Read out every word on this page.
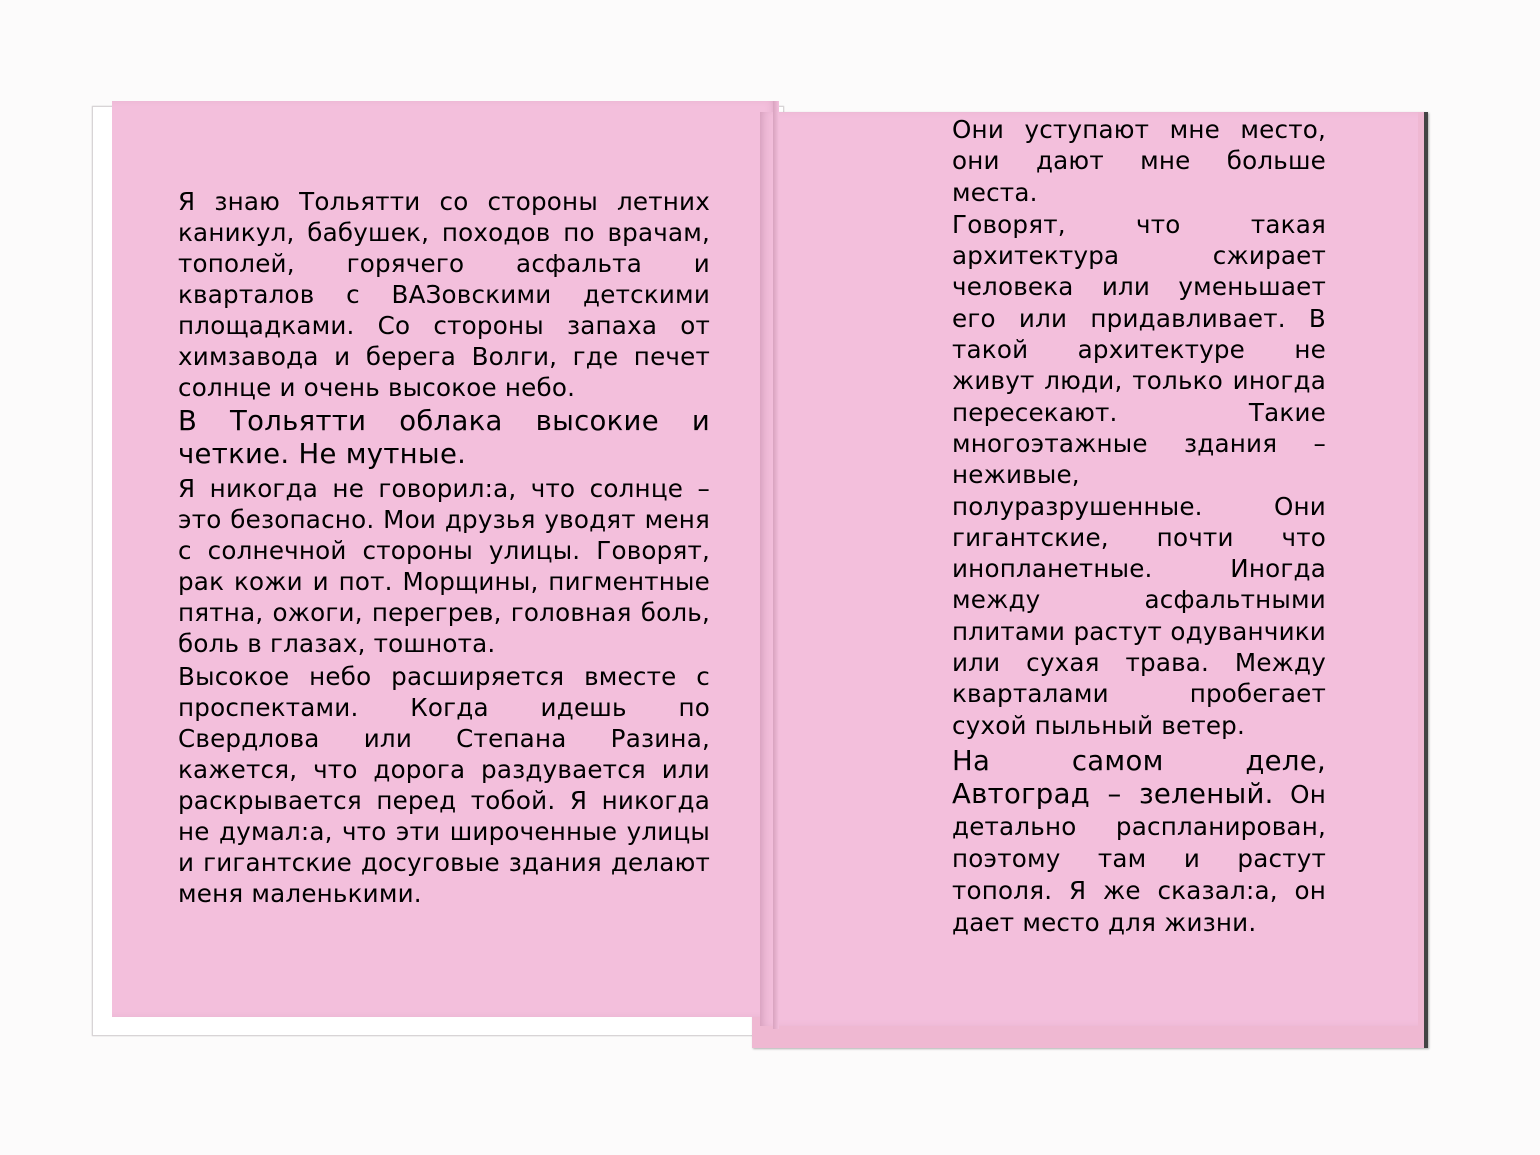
Я знаю Тольятти со стороны летних каникул, бабушек, походов по врачам, тополей, горячего асфальта и кварталов с ВАЗовскими детскими площадками. Со стороны запаха от химзавода и берега Волги, где печет солнце и очень высокое небо.

В Тольятти облака высокие и четкие. Не мутные.

Я никогда не говорил:а, что солнце – это безопасно. Мои друзья уводят меня с солнечной стороны улицы. Говорят, рак кожи и пот. Морщины, пигментные пятна, ожоги, перегрев, головная боль, боль в глазах, тошнота.

Высокое небо расширяется вместе с проспектами. Когда идешь по Свердлова или Степана Разина, кажется, что дорога раздувается или раскрывается перед тобой. Я никогда не думал:а, что эти широченные улицы и гигантские досуговые здания делают меня маленькими.

Они уступают мне место, они дают мне больше места.

Говорят, что такая архитектура сжирает человека или уменьшает его или придавливает. В такой архитектуре не живут люди, только иногда пересекают. Такие многоэтажные здания – неживые, полуразрушенные. Они гигантские, почти что инопланетные. Иногда между асфальтными плитами растут одуванчики или сухая трава. Между кварталами пробегает сухой пыльный ветер.

На самом деле, Автоград – зеленый. Он детально распланирован, поэтому там и растут тополя. Я же сказал:а, он дает место для жизни.
